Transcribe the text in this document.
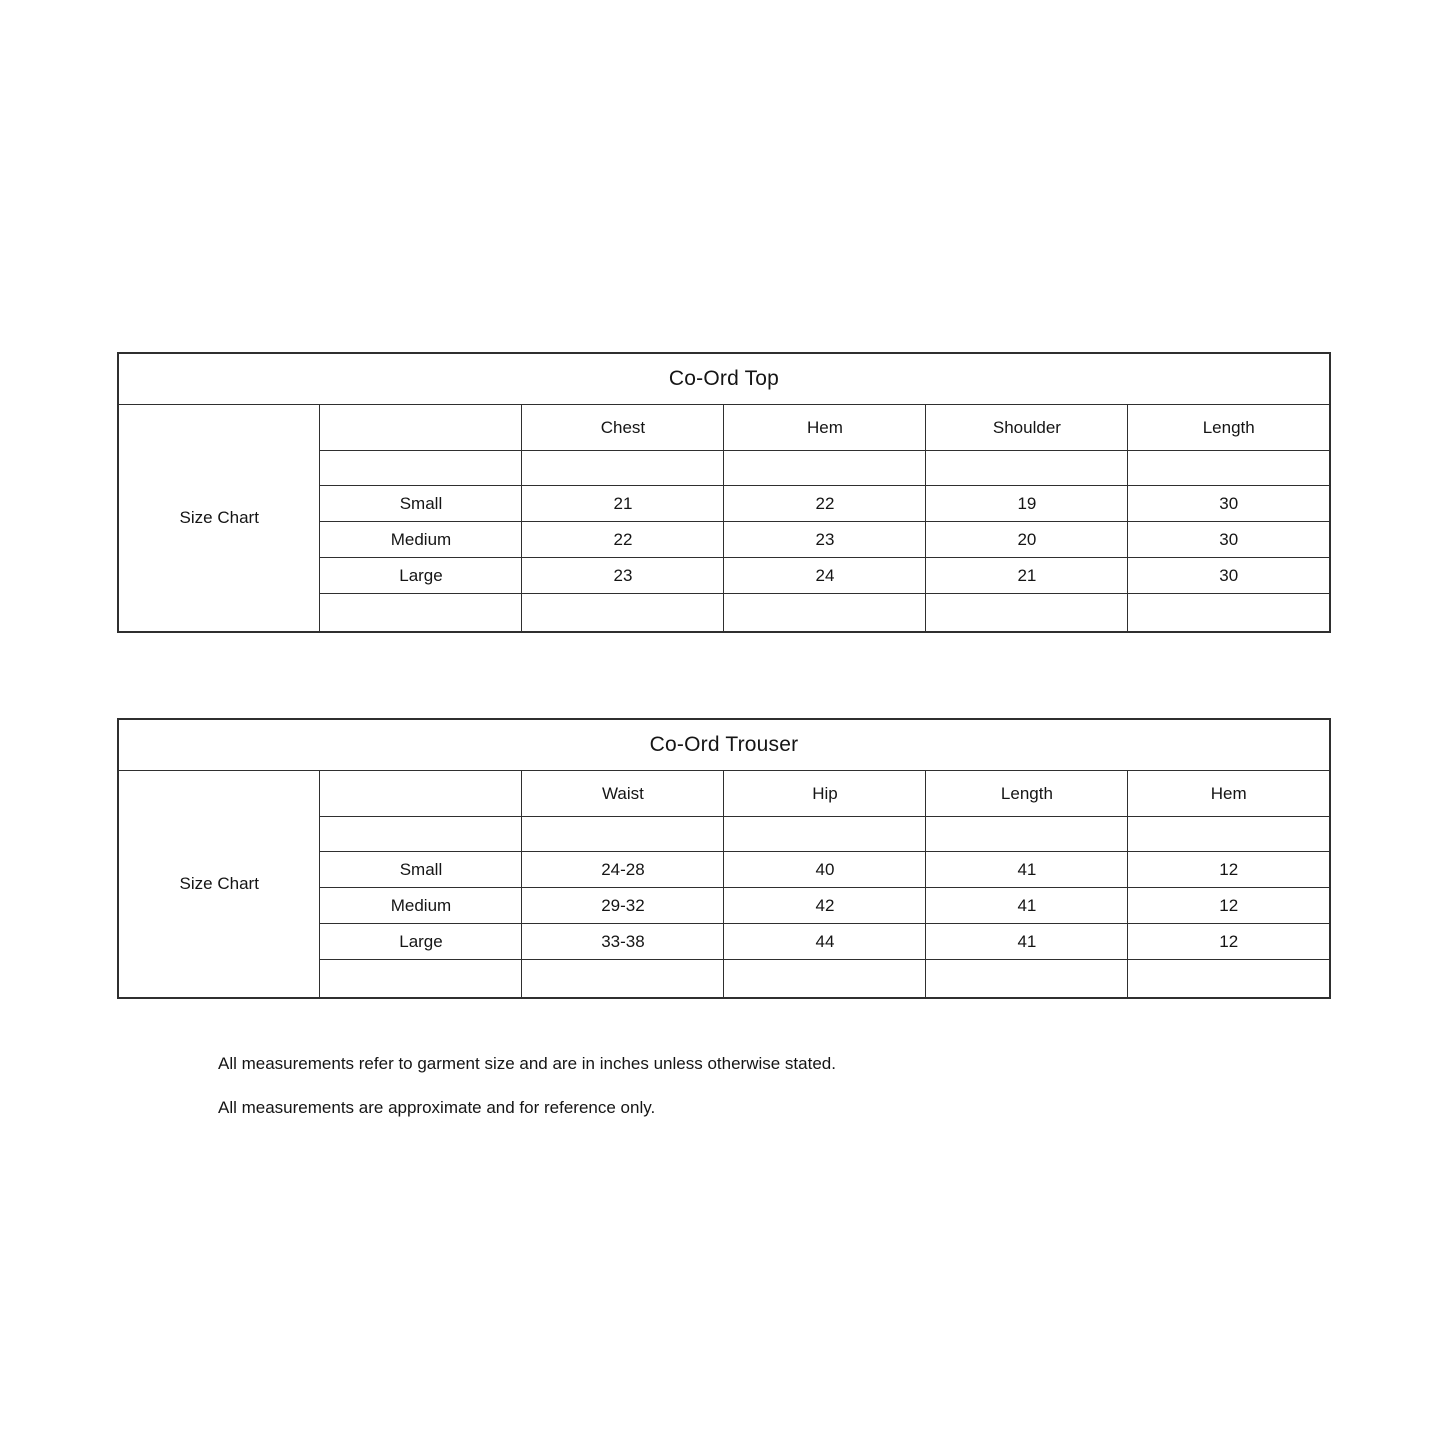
Co-Ord Top					
Size Chart		Chest	Hem	Shoulder	Length

	Small	21	22	19	30
	Medium	22	23	20	30
	Large	23	24	21	30

Co-Ord Trouser					
Size Chart		Waist	Hip	Length	Hem

	Small	24-28	40	41	12
	Medium	29-32	42	41	12
	Large	33-38	44	41	12

All measurements refer to garment size and are in inches unless otherwise stated.

All measurements are approximate and for reference only.
